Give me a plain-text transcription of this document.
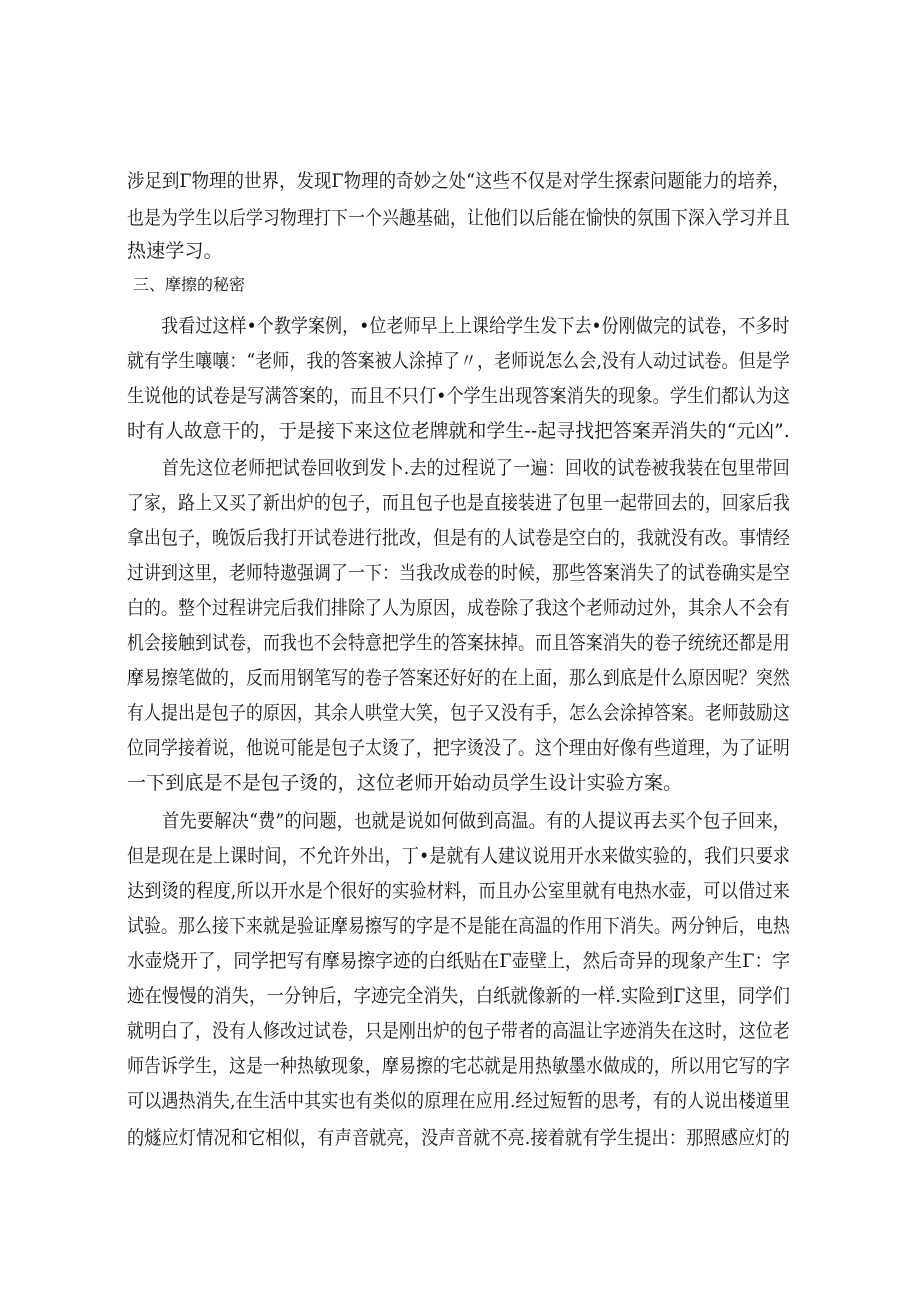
涉足到Γ物理的世界，发现Γ物理的奇妙之处“这些不仅是对学生探索问题能力的培养，
也是为学生以后学习物理打下一个兴趣基础，让他们以后能在愉快的氛围下深入学习并且
热速学习。
三、摩擦的秘密
　　我看过这样•个教学案例，•位老师早上上课给学生发下去•份刚做完的试卷，不多时
就有学生嚷嚷：“老师，我的答案被人涂掉了〃，老师说怎么会,没有人动过试卷。但是学
生说他的试卷是写满答案的，而且不只仃•个学生出现答案消失的现象。学生们都认为这
时有人故意干的，于是接下来这位老牌就和学生--起寻找把答案弄消失的“元凶”.
　　首先这位老师把试卷回收到发卜.去的过程说了一遍：回收的试卷被我装在包里带回
了家，路上又买了新出炉的包子，而且包子也是直接装进了包里一起带回去的，回家后我
拿出包子，晚饭后我打开试卷进行批改，但是有的人试卷是空白的，我就没有改。事情经
过讲到这里，老师特遨强调了一下：当我改成卷的时候，那些答案消失了的试卷确实是空
白的。整个过程讲完后我们排除了人为原因，成卷除了我这个老师动过外，其余人不会有
机会接触到试卷，而我也不会特意把学生的答案抹掉。而且答案消失的卷子统统还都是用
摩易擦笔做的，反而用钢笔写的卷子答案还好好的在上面，那么到底是什么原因呢？突然
有人提出是包子的原因，其余人哄堂大笑，包子又没有手，怎么会涂掉答案。老师鼓励这
位同学接着说，他说可能是包子太烫了，把字烫没了。这个理由好像有些道理，为了证明
一下到底是不是包子烫的，这位老师开始动员学生设计实验方案。
　　首先要解决“费”的问题，也就是说如何做到高温。有的人提议再去买个包子回来，
但是现在是上课时间，不允许外出，丁•是就有人建议说用开水来做实验的，我们只要求
达到烫的程度,所以开水是个很好的实验材料，而且办公室里就有电热水壶，可以借过来
试验。那么接下来就是验证摩易擦写的字是不是能在高温的作用下消失。两分钟后，电热
水壶烧开了，同学把写有摩易擦字迹的白纸贴在Γ壶壁上，然后奇异的现象产生Γ：字
迹在慢慢的消失，一分钟后，字迹完全消失，白纸就像新的一样.实险到Γ这里，同学们
就明白了，没有人修改过试卷，只是刚出炉的包子带者的高温让字迹消失在这时，这位老
师告诉学生，这是一种热敏现象，摩易擦的宅芯就是用热敏墨水做成的，所以用它写的字
可以遇热消失,在生活中其实也有类似的原理在应用.经过短暂的思考，有的人说出楼道里
的燧应灯情况和它相似，有声音就亮，没声音就不亮.接着就有学生提出：那照感应灯的
